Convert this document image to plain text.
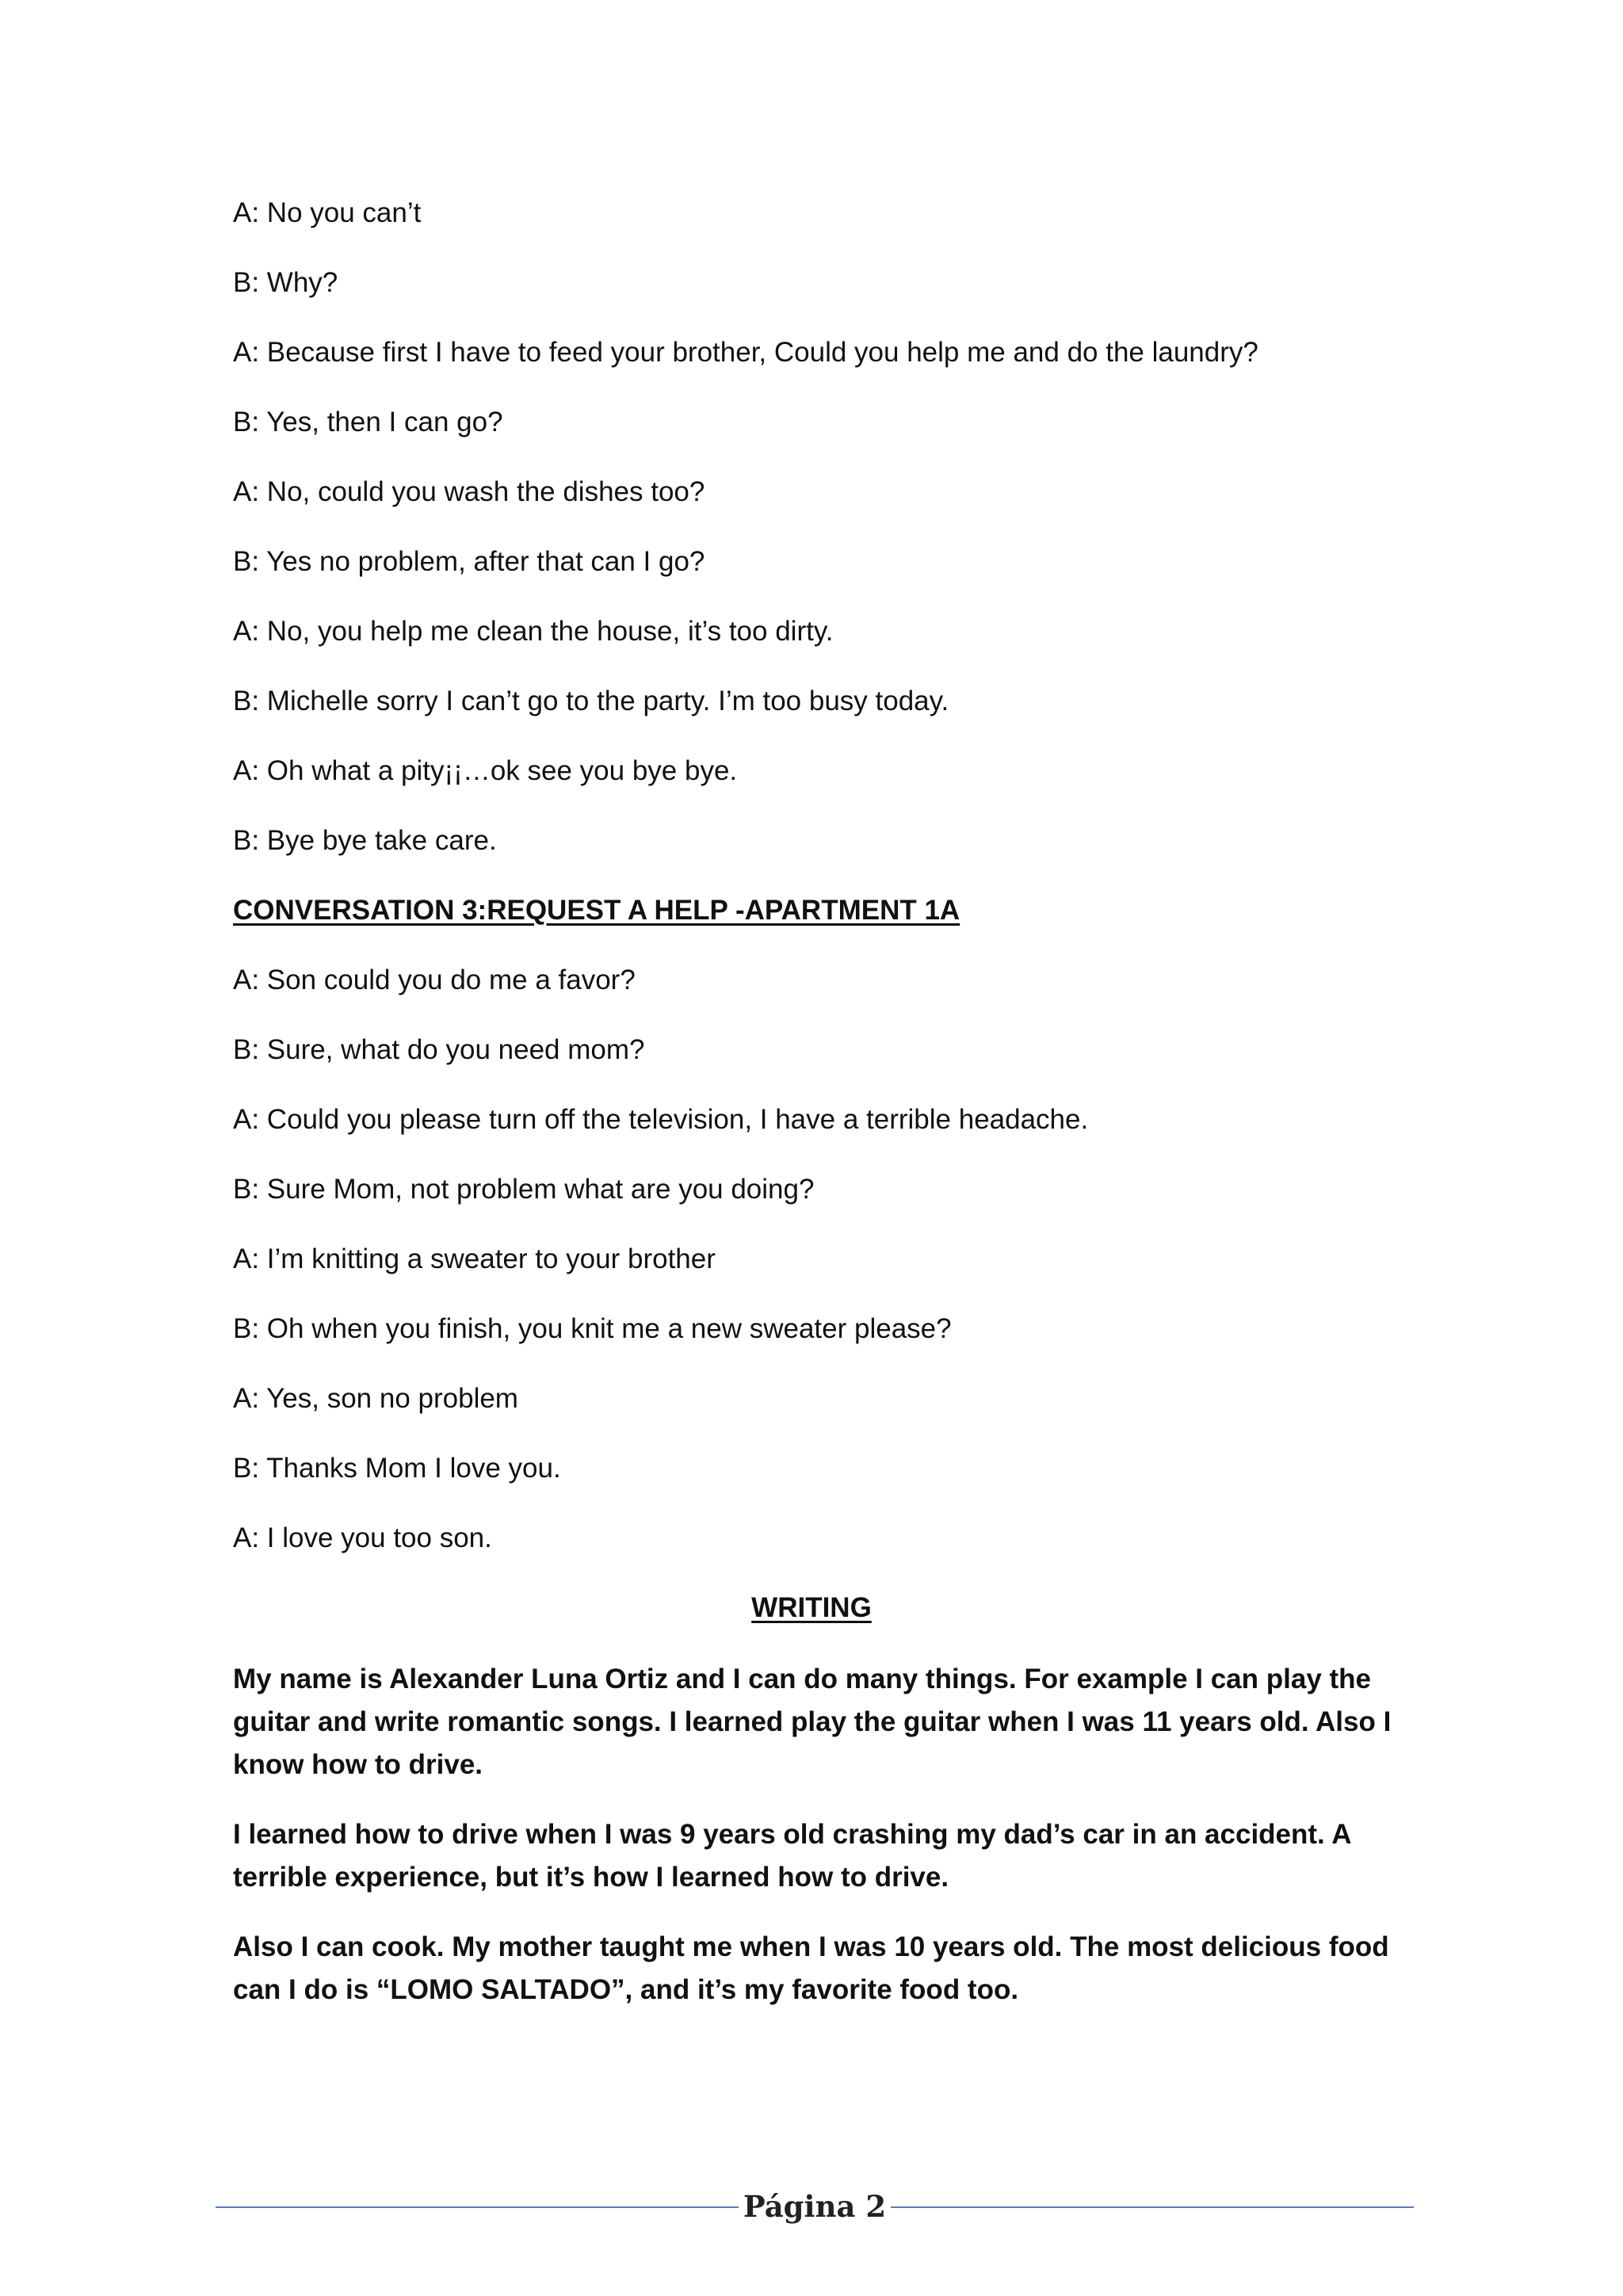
A: No you can’t

B: Why?

A: Because first I have to feed your brother, Could you help me and do the laundry?

B: Yes, then I can go?

A: No, could you wash the dishes too?

B: Yes no problem, after that can I go?

A: No, you help me clean the house, it’s too dirty.

B: Michelle sorry I can’t go to the party. I’m too busy today.

A: Oh what a pity¡¡…ok see you bye bye.

B: Bye bye take care.

CONVERSATION 3:REQUEST A HELP -APARTMENT 1A

A: Son could you do me a favor?

B: Sure, what do you need mom?

A: Could you please turn off the television, I have a terrible headache.

B: Sure Mom, not problem what are you doing?

A: I’m knitting a sweater to your brother

B: Oh when you finish, you knit me a new sweater please?

A: Yes, son no problem

B: Thanks Mom I love you.

A: I love you too son.

WRITING

My name is Alexander Luna Ortiz and I can do many things. For example I can play the guitar and write romantic songs. I learned play the guitar when I was 11 years old. Also I know how to drive.

I learned how to drive when I was 9 years old crashing my dad’s car in an accident. A terrible experience, but it’s how I learned how to drive.

Also I can cook. My mother taught me when I was 10 years old. The most delicious food can I do is “LOMO SALTADO”, and it’s my favorite food too.

Página 2
